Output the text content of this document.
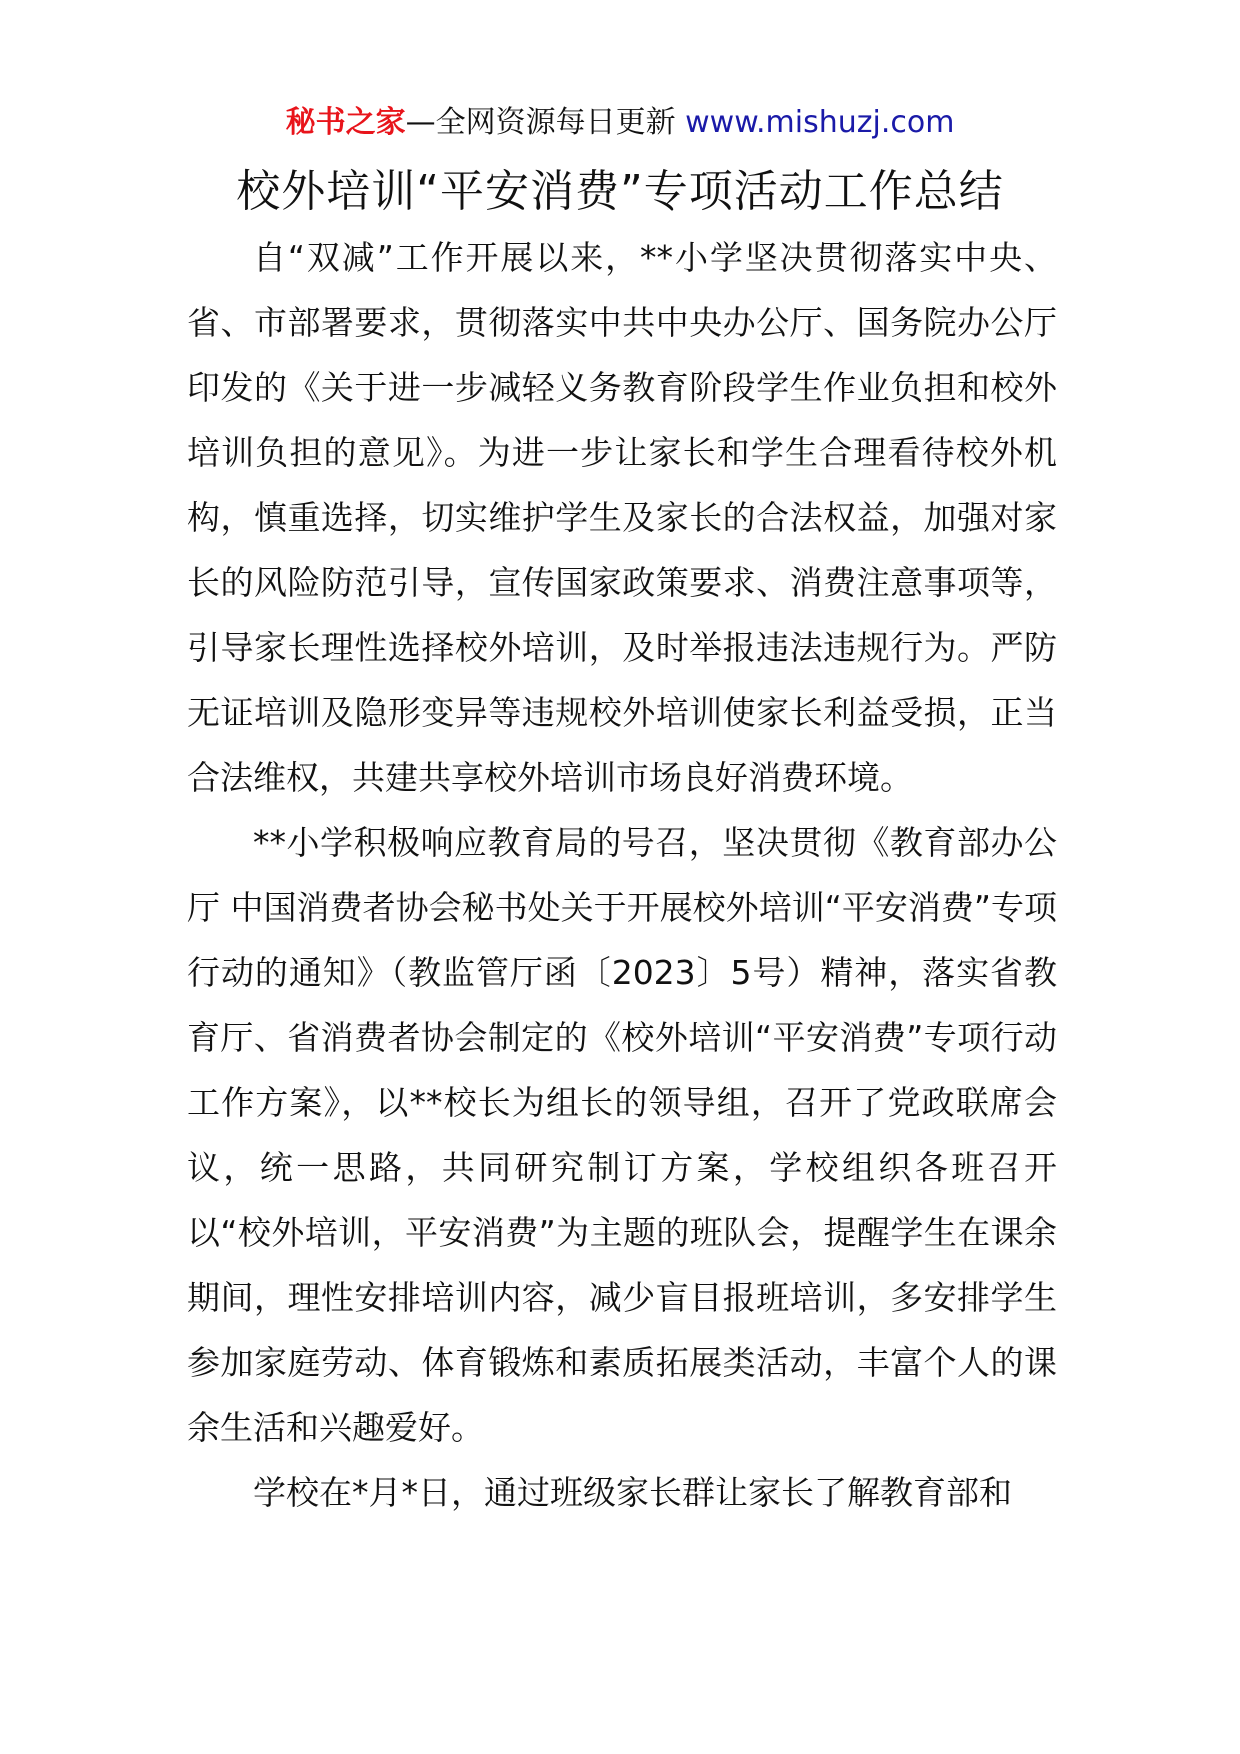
秘书之家—全网资源每日更新 www.mishuzj.com
校外培训“平安消费”专项活动工作总结

自“双减”工作开展以来，**小学坚决贯彻落实中央、省、市部署要求，贯彻落实中共中央办公厅、国务院办公厅印发的《关于进一步减轻义务教育阶段学生作业负担和校外培训负担的意见》。为进一步让家长和学生合理看待校外机构，慎重选择，切实维护学生及家长的合法权益，加强对家长的风险防范引导，宣传国家政策要求、消费注意事项等，引导家长理性选择校外培训，及时举报违法违规行为。严防无证培训及隐形变异等违规校外培训使家长利益受损，正当合法维权，共建共享校外培训市场良好消费环境。

**小学积极响应教育局的号召，坚决贯彻《教育部办公厅 中国消费者协会秘书处关于开展校外培训“平安消费”专项行动的通知》（教监管厅函〔2023〕5号）精神，落实省教育厅、省消费者协会制定的《校外培训“平安消费”专项行动工作方案》，以**校长为组长的领导组，召开了党政联席会议，统一思路，共同研究制订方案，学校组织各班召开以“校外培训，平安消费”为主题的班队会，提醒学生在课余期间，理性安排培训内容，减少盲目报班培训，多安排学生参加家庭劳动、体育锻炼和素质拓展类活动，丰富个人的课余生活和兴趣爱好。

学校在*月*日，通过班级家长群让家长了解教育部和
